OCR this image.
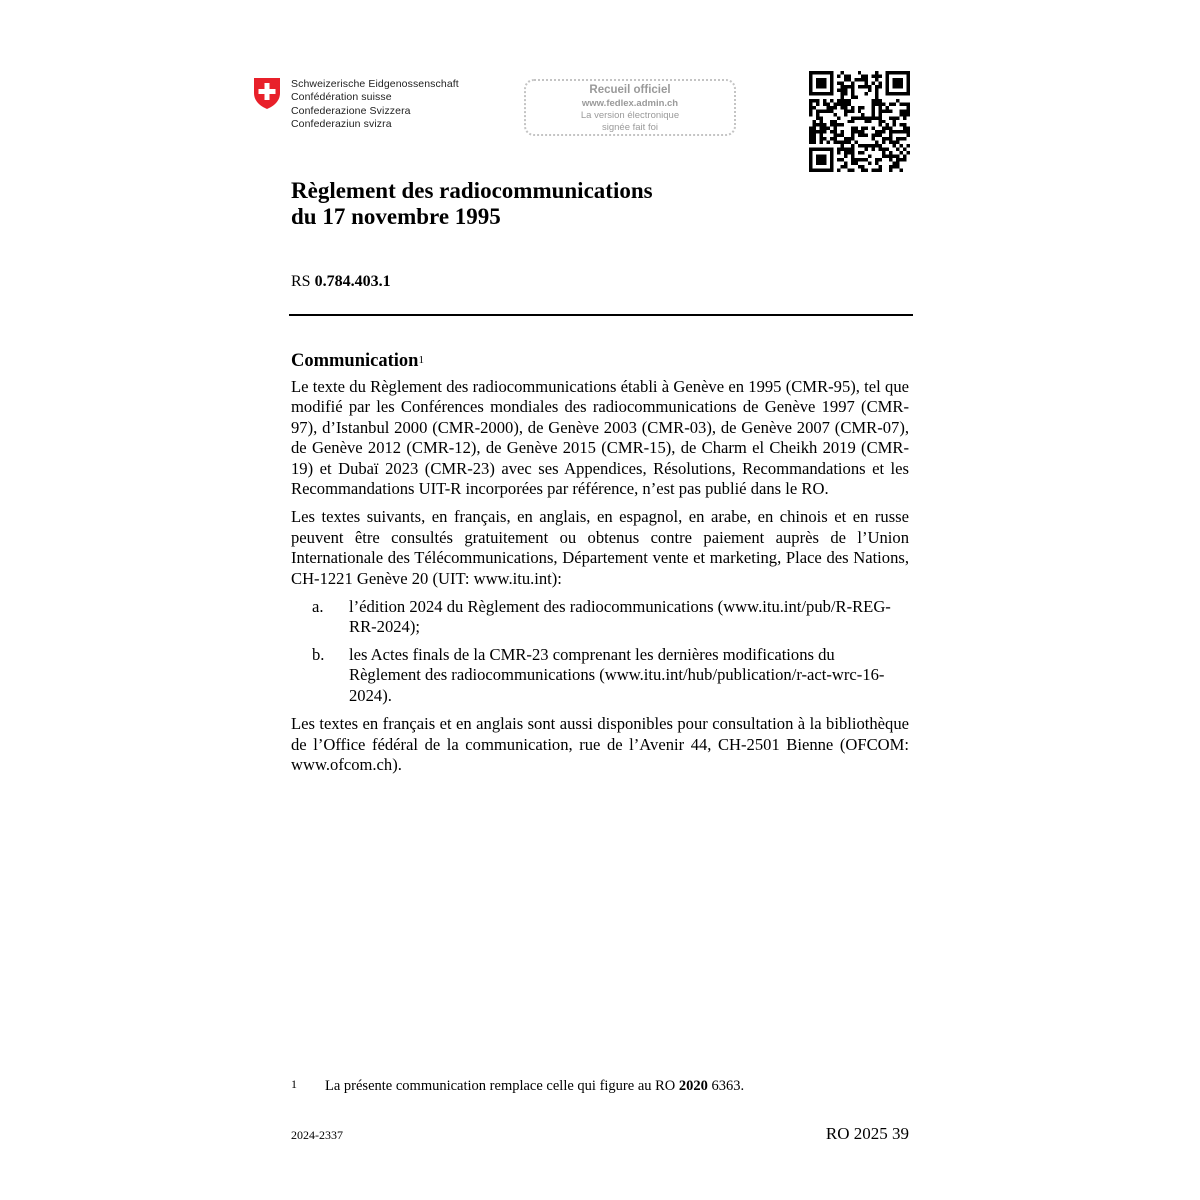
Schweizerische Eidgenossenschaft
Confédération suisse
Confederazione Svizzera
Confederaziun svizra
Recueil officiel
www.fedlex.admin.ch
La version électronique
signée fait foi
Règlement des radiocommunications
du 17 novembre 1995
RS 0.784.403.1
Communication$^1$

Le texte du Règlement des radiocommunications établi à Genève en 1995 (CMR-95), tel que modifié par les Conférences mondiales des radiocommunications de Genève 1997 (CMR-97), d’Istanbul 2000 (CMR-2000), de Genève 2003 (CMR-03), de Genève 2007 (CMR-07), de Genève 2012 (CMR-12), de Genève 2015 (CMR-15), de Charm el Cheikh 2019 (CMR-19) et Dubaï 2023 (CMR-23) avec ses Appendices, Résolutions, Recommandations et les Recommandations UIT-R incorporées par référence, n’est pas publié dans le RO.

Les textes suivants, en français, en anglais, en espagnol, en arabe, en chinois et en russe peuvent être consultés gratuitement ou obtenus contre paiement auprès de l’Union Internationale des Télécommunications, Département vente et marketing, Place des Nations, CH-1221 Genève 20 (UIT: www.itu.int):

a.	l’édition 2024 du Règlement des radiocommunications (www.itu.int/pub/R-REG-RR-2024);
b.	les Actes finals de la CMR-23 comprenant les dernières modifications du Règlement des radiocommunications (www.itu.int/hub/publication/r-act-wrc-16-2024).

Les textes en français et en anglais sont aussi disponibles pour consultation à la bibliothèque de l’Office fédéral de la communication, rue de l’Avenir 44, CH-2501 Bienne (OFCOM: www.ofcom.ch).

1 La présente communication remplace celle qui figure au RO 2020 6363.
2024-2337	RO 2025 39
